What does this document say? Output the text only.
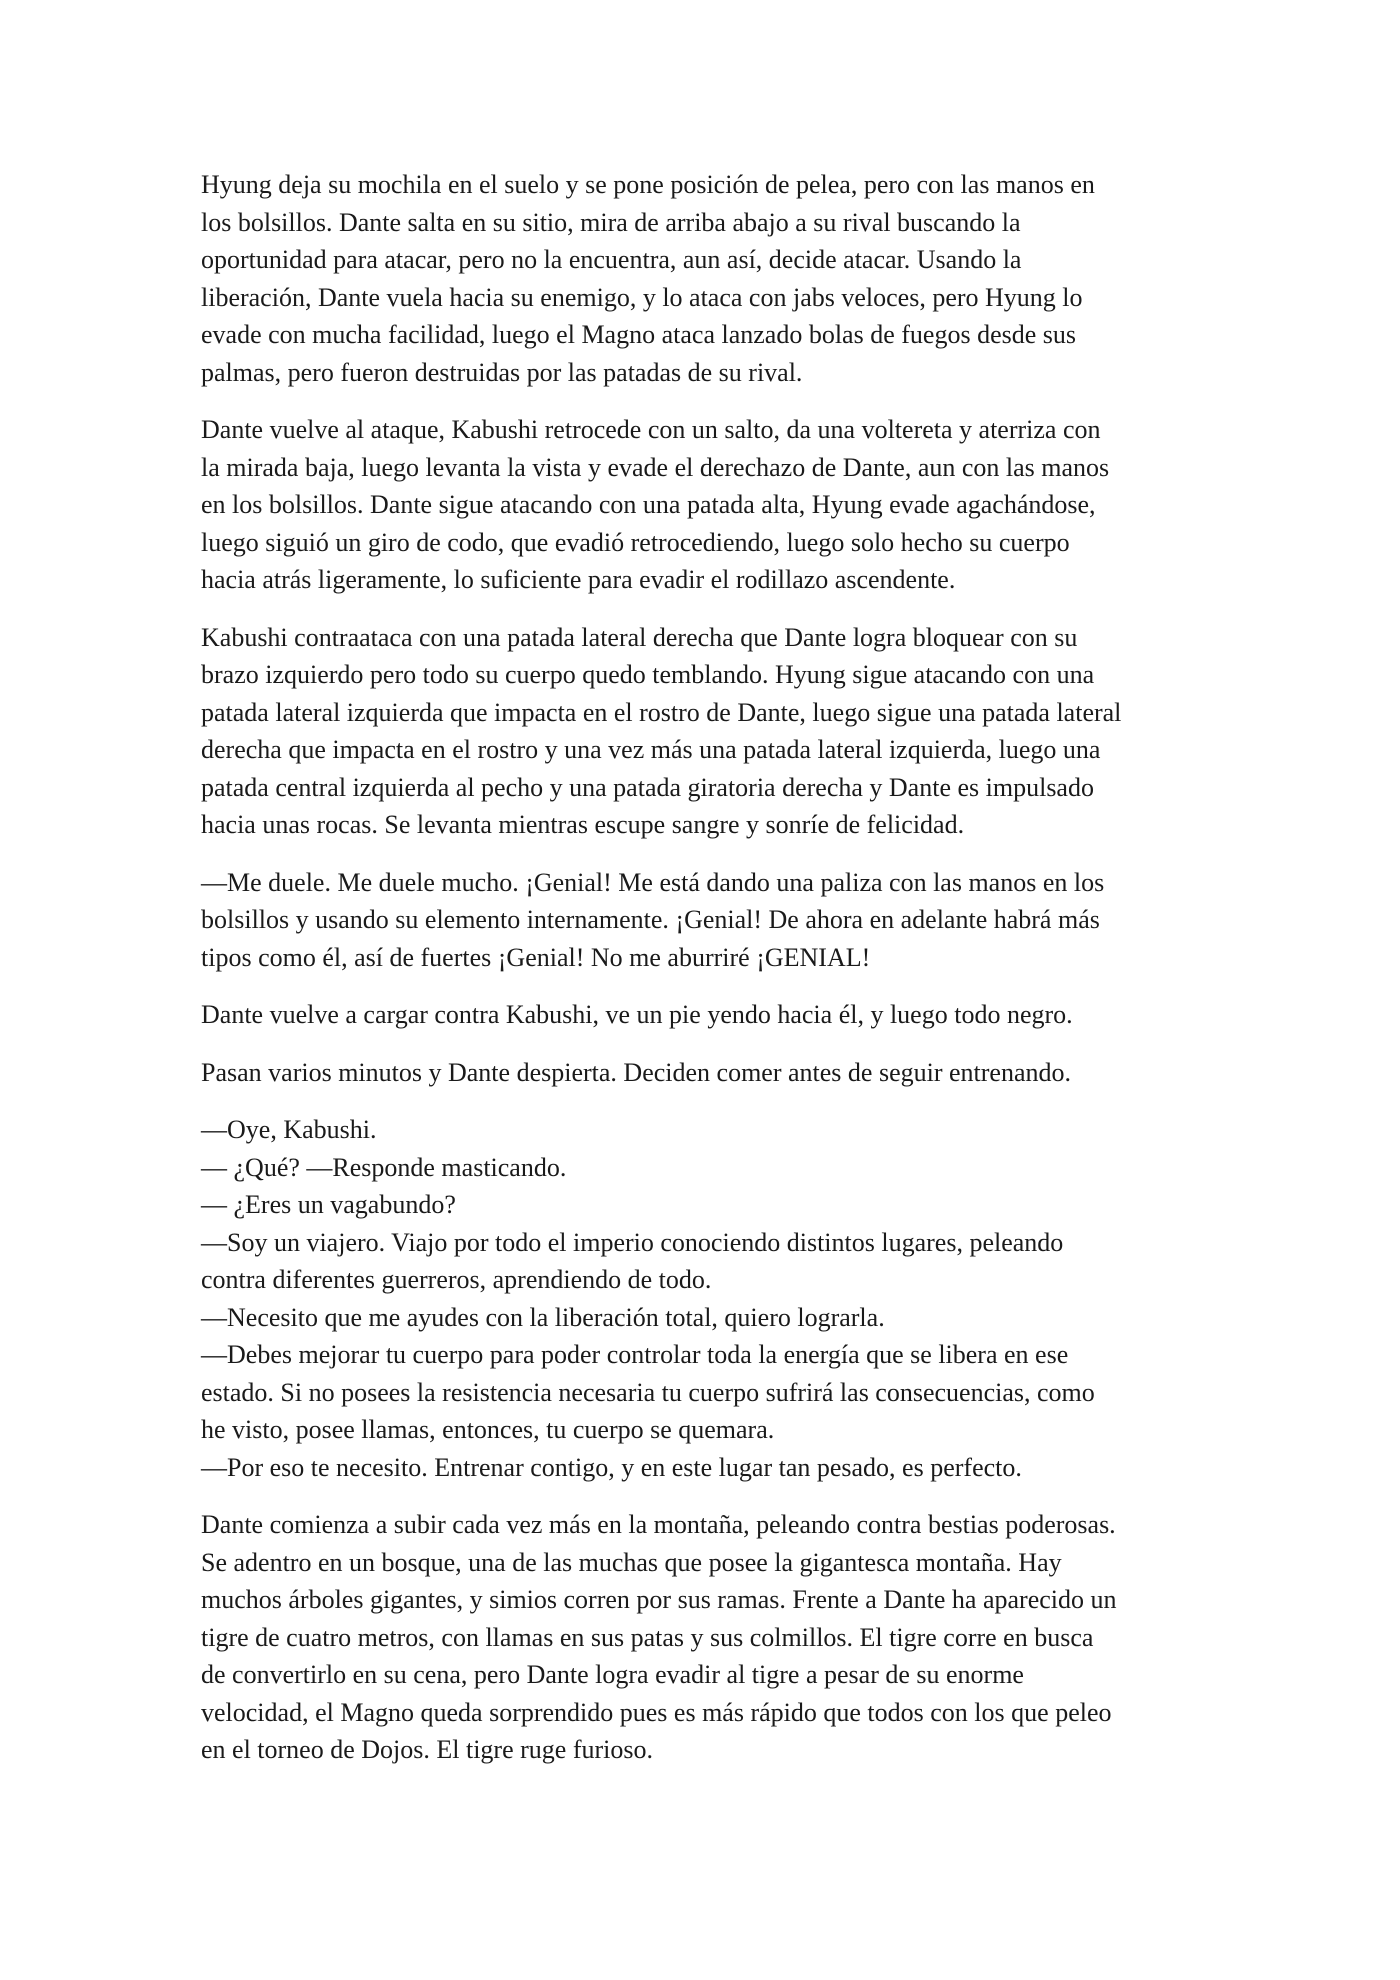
Hyung deja su mochila en el suelo y se pone posición de pelea, pero con las manos en
los bolsillos. Dante salta en su sitio, mira de arriba abajo a su rival buscando la
oportunidad para atacar, pero no la encuentra, aun así, decide atacar. Usando la
liberación, Dante vuela hacia su enemigo, y lo ataca con jabs veloces, pero Hyung lo
evade con mucha facilidad, luego el Magno ataca lanzado bolas de fuegos desde sus
palmas, pero fueron destruidas por las patadas de su rival.
Dante vuelve al ataque, Kabushi retrocede con un salto, da una voltereta y aterriza con
la mirada baja, luego levanta la vista y evade el derechazo de Dante, aun con las manos
en los bolsillos. Dante sigue atacando con una patada alta, Hyung evade agachándose,
luego siguió un giro de codo, que evadió retrocediendo, luego solo hecho su cuerpo
hacia atrás ligeramente, lo suficiente para evadir el rodillazo ascendente.
Kabushi contraataca con una patada lateral derecha que Dante logra bloquear con su
brazo izquierdo pero todo su cuerpo quedo temblando. Hyung sigue atacando con una
patada lateral izquierda que impacta en el rostro de Dante, luego sigue una patada lateral
derecha que impacta en el rostro y una vez más una patada lateral izquierda, luego una
patada central izquierda al pecho y una patada giratoria derecha y Dante es impulsado
hacia unas rocas. Se levanta mientras escupe sangre y sonríe de felicidad.
—Me duele. Me duele mucho. ¡Genial! Me está dando una paliza con las manos en los
bolsillos y usando su elemento internamente. ¡Genial! De ahora en adelante habrá más
tipos como él, así de fuertes ¡Genial! No me aburriré ¡GENIAL!
Dante vuelve a cargar contra Kabushi, ve un pie yendo hacia él, y luego todo negro.
Pasan varios minutos y Dante despierta. Deciden comer antes de seguir entrenando.
—Oye, Kabushi.
— ¿Qué? —Responde masticando.
— ¿Eres un vagabundo?
—Soy un viajero. Viajo por todo el imperio conociendo distintos lugares, peleando
contra diferentes guerreros, aprendiendo de todo.
—Necesito que me ayudes con la liberación total, quiero lograrla.
—Debes mejorar tu cuerpo para poder controlar toda la energía que se libera en ese
estado. Si no posees la resistencia necesaria tu cuerpo sufrirá las consecuencias, como
he visto, posee llamas, entonces, tu cuerpo se quemara.
—Por eso te necesito. Entrenar contigo, y en este lugar tan pesado, es perfecto.
Dante comienza a subir cada vez más en la montaña, peleando contra bestias poderosas.
Se adentro en un bosque, una de las muchas que posee la gigantesca montaña. Hay
muchos árboles gigantes, y simios corren por sus ramas. Frente a Dante ha aparecido un
tigre de cuatro metros, con llamas en sus patas y sus colmillos. El tigre corre en busca
de convertirlo en su cena, pero Dante logra evadir al tigre a pesar de su enorme
velocidad, el Magno queda sorprendido pues es más rápido que todos con los que peleo
en el torneo de Dojos. El tigre ruge furioso.
